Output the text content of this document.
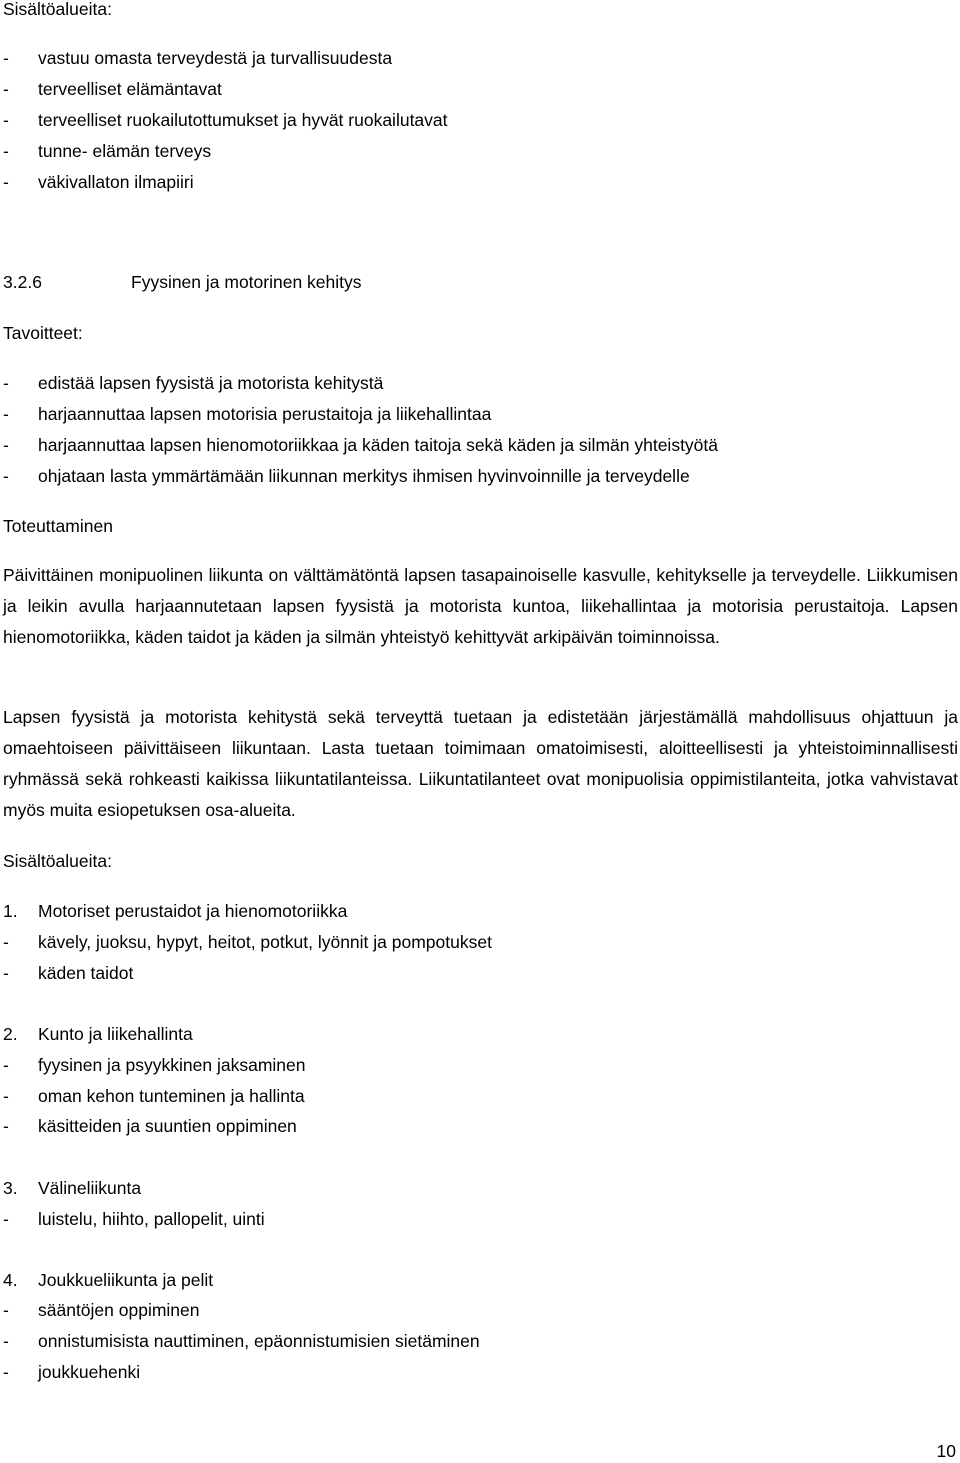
Sisältöalueita:
- vastuu omasta terveydestä ja turvallisuudesta
- terveelliset elämäntavat
- terveelliset ruokailutottumukset ja hyvät ruokailutavat
- tunne- elämän terveys
- väkivallaton ilmapiiri
3.2.6	Fyysinen ja motorinen kehitys
Tavoitteet:
- edistää lapsen fyysistä ja motorista kehitystä
- harjaannuttaa lapsen motorisia perustaitoja ja liikehallintaa
- harjaannuttaa lapsen hienomotoriikkaa ja käden taitoja sekä käden ja silmän yhteistyötä
- ohjataan lasta ymmärtämään liikunnan merkitys ihmisen hyvinvoinnille ja terveydelle
Toteuttaminen
Päivittäinen monipuolinen liikunta on välttämätöntä lapsen tasapainoiselle kasvulle, kehitykselle ja terveydelle. Liikkumisen ja leikin avulla harjaannutetaan lapsen fyysistä ja motorista kuntoa, liikehallintaa ja motorisia perustaitoja. Lapsen hienomotoriikka, käden taidot ja käden ja silmän yhteistyö kehittyvät arkipäivän toiminnoissa.
Lapsen fyysistä ja motorista kehitystä sekä terveyttä tuetaan ja edistetään järjestämällä mahdollisuus ohjattuun ja omaehtoiseen päivittäiseen liikuntaan. Lasta tuetaan toimimaan omatoimisesti, aloitteellisesti ja yhteistoiminnallisesti ryhmässä sekä rohkeasti kaikissa liikuntatilanteissa. Liikuntatilanteet ovat monipuolisia oppimistilanteita, jotka vahvistavat myös muita esiopetuksen osa-alueita.
Sisältöalueita:
1. Motoriset perustaidot ja hienomotoriikka
- kävely, juoksu, hypyt, heitot, potkut, lyönnit ja pompotukset
- käden taidot
2. Kunto ja liikehallinta
- fyysinen ja psyykkinen jaksaminen
- oman kehon tunteminen ja hallinta
- käsitteiden ja suuntien oppiminen
3. Välineliikunta
- luistelu, hiihto, pallopelit, uinti
4. Joukkueliikunta ja pelit
- sääntöjen oppiminen
- onnistumisista nauttiminen, epäonnistumisien sietäminen
- joukkuehenki
10
